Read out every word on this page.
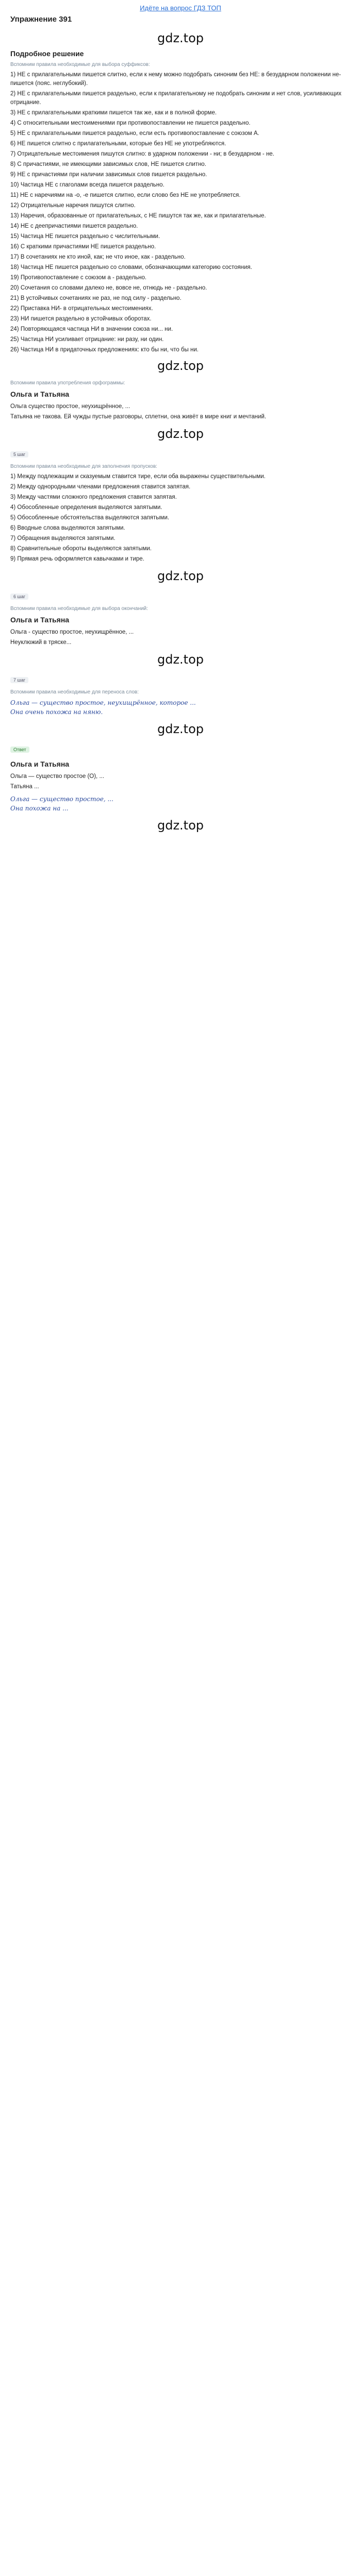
Идёте на вопрос ГДЗ ТОП
Упражнение 391
gdz.top
Подробное решение
Вспомним правила необходимые для выбора суффиксов:
1) НЕ с прилагательными пишется слитно, если к нему можно подобрать синоним без НЕ: в безударном положении не- пишется (пояс. неглубокий).
2) НЕ с прилагательными пишется раздельно, если к прилагательному не подобрать синоним и нет слов, усиливающих отрицание.
3) НЕ с прилагательными краткими пишется так же, как и в полной форме.
4) С относительными местоимениями при противопоставлении не пишется раздельно.
5) НЕ с прилагательными пишется раздельно, если есть противопоставление с союзом А.
6) НЕ пишется слитно с прилагательными, которые без НЕ не употребляются.
7) Отрицательные местоимения пишутся слитно: в ударном положении - ни; в безударном - не.
8) С причастиями, не имеющими зависимых слов, НЕ пишется слитно.
9) НЕ с причастиями при наличии зависимых слов пишется раздельно.
10) Частица НЕ с глаголами всегда пишется раздельно.
11) НЕ с наречиями на -о, -е пишется слитно, если слово без НЕ не употребляется.
12) Отрицательные наречия пишутся слитно.
13) Наречия, образованные от прилагательных, с НЕ пишутся так же, как и прилагательные.
14) НЕ с деепричастиями пишется раздельно.
15) Частица НЕ пишется раздельно с числительными.
16) С краткими причастиями НЕ пишется раздельно.
17) В сочетаниях не кто иной, как; не что иное, как - раздельно.
18) Частица НЕ пишется раздельно со словами, обозначающими категорию состояния.
19) Противопоставление с союзом а - раздельно.
20) Сочетания со словами далеко не, вовсе не, отнюдь не - раздельно.
21) В устойчивых сочетаниях не раз, не под силу - раздельно.
22) Приставка НИ- в отрицательных местоимениях.
23) НИ пишется раздельно в устойчивых оборотах.
24) Повторяющаяся частица НИ в значении союза ни... ни.
25) Частица НИ усиливает отрицание: ни разу, ни один.
26) Частица НИ в придаточных предложениях: кто бы ни, что бы ни.
gdz.top
Вспомним правила употребления орфограммы:
Ольга и Татьяна

Ольга существо простое, неухищрённое, ...

Татьяна не такова. Ей чужды пустые разговоры, сплетни, она живёт в мире книг и мечтаний.

gdz.top
5 шаг
Вспомним правила необходимые для заполнения пропусков:
1) Между подлежащим и сказуемым ставится тире, если оба выражены существительными.
2) Между однородными членами предложения ставится запятая.
3) Между частями сложного предложения ставится запятая.
4) Обособленные определения выделяются запятыми.
5) Обособленные обстоятельства выделяются запятыми.
6) Вводные слова выделяются запятыми.
7) Обращения выделяются запятыми.
8) Сравнительные обороты выделяются запятыми.
9) Прямая речь оформляется кавычками и тире.
gdz.top
6 шаг
Вспомним правила необходимые для выбора окончаний:
Ольга и Татьяна

Ольга - существо простое, неухищрённое, ...

Неуклюжий в тряске...

gdz.top
7 шаг
Вспомним правила необходимые для переноса слов:
Ольга — существо простое, неухищрённое, которое ...
Она очень похожа на няню.
gdz.top
Ответ
Ольга и Татьяна

Ольга — существо простое (О), ...

Татьяна ...

Ольга — существо простое, ...
Она похожа на ...
gdz.top
